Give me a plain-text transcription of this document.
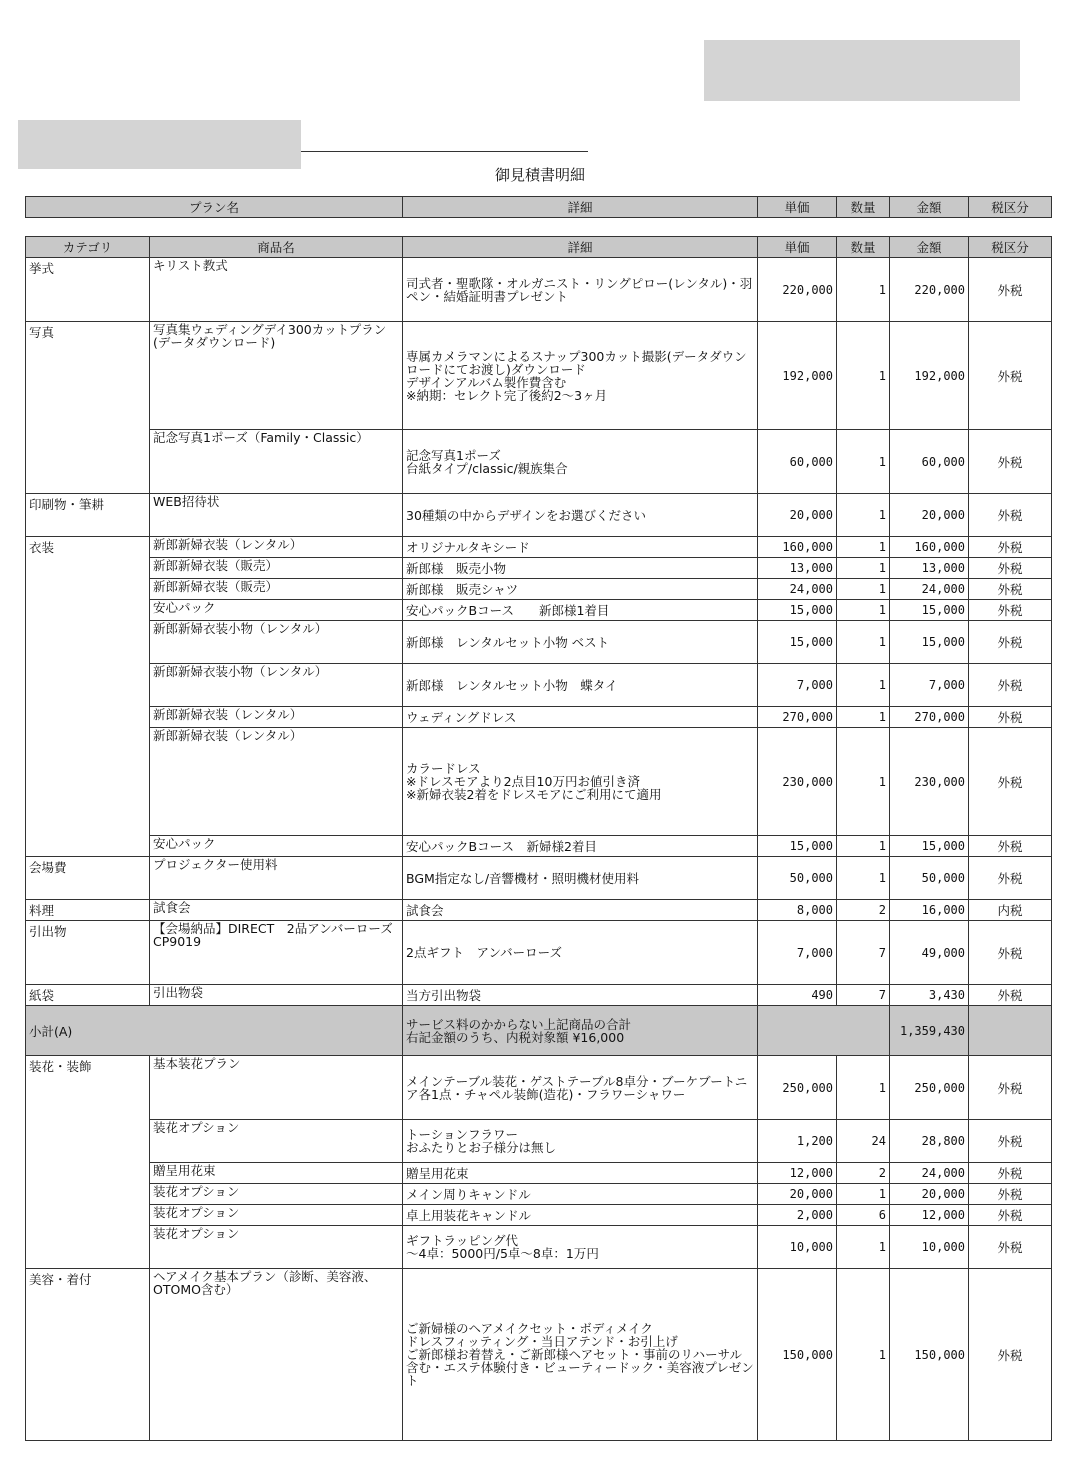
御見積書明細
プラン名	詳細	単価	数量	金額	税区分
カテゴリ	商品名	詳細	単価	数量	金額	税区分
挙式	キリスト教式	司式者・聖歌隊・オルガニスト・リングピロー(レンタル)・羽ペン・結婚証明書プレゼント	220,000	1	220,000	外税
写真	写真集ウェディングデイ300カットプラン(データダウンロード)	専属カメラマンによるスナップ300カット撮影(データダウンロードにてお渡し)ダウンロード
デザインアルバム製作費含む
※納期：セレクト完了後約2〜3ヶ月	192,000	1	192,000	外税
	記念写真1ポーズ（Family・Classic）	記念写真1ポーズ
台紙タイプ/classic/親族集合	60,000	1	60,000	外税
印刷物・筆耕	WEB招待状	30種類の中からデザインをお選びください	20,000	1	20,000	外税
衣装	新郎新婦衣装（レンタル）	オリジナルタキシード	160,000	1	160,000	外税
	新郎新婦衣装（販売）	新郎様　販売小物	13,000	1	13,000	外税
	新郎新婦衣装（販売）	新郎様　販売シャツ	24,000	1	24,000	外税
	安心パック	安心パックBコース　　新郎様1着目	15,000	1	15,000	外税
	新郎新婦衣装小物（レンタル）	新郎様　レンタルセット小物 ベスト	15,000	1	15,000	外税
	新郎新婦衣装小物（レンタル）	新郎様　レンタルセット小物　蝶タイ	7,000	1	7,000	外税
	新郎新婦衣装（レンタル）	ウェディングドレス	270,000	1	270,000	外税
	新郎新婦衣装（レンタル）	カラードレス
※ドレスモアより2点目10万円お値引き済
※新婦衣装2着をドレスモアにご利用にて適用	230,000	1	230,000	外税
	安心パック	安心パックBコース　新婦様2着目	15,000	1	15,000	外税
会場費	プロジェクター使用料	BGM指定なし/音響機材・照明機材使用料	50,000	1	50,000	外税
料理	試食会	試食会	8,000	2	16,000	内税
引出物	【会場納品】DIRECT　2品アンバーローズCP9019	2点ギフト　アンバーローズ	7,000	7	49,000	外税
紙袋	引出物袋	当方引出物袋	490	7	3,430	外税
小計(A)		サービス料のかからない上記商品の合計
右記金額のうち、内税対象額 ¥16,000			1,359,430	
装花・装飾	基本装花プラン	メインテーブル装花・ゲストテーブル8卓分・ブーケブートニア各1点・チャペル装飾(造花)・フラワーシャワー	250,000	1	250,000	外税
	装花オプション	トーションフラワー
おふたりとお子様分は無し	1,200	24	28,800	外税
	贈呈用花束	贈呈用花束	12,000	2	24,000	外税
	装花オプション	メイン周りキャンドル	20,000	1	20,000	外税
	装花オプション	卓上用装花キャンドル	2,000	6	12,000	外税
	装花オプション	ギフトラッピング代
〜4卓：5000円/5卓〜8卓：1万円	10,000	1	10,000	外税
美容・着付	ヘアメイク基本プラン（診断、美容液、OTOMO含む）	ご新婦様のヘアメイクセット・ボディメイク
ドレスフィッティング・当日アテンド・お引上げ
ご新郎様お着替え・ご新郎様ヘアセット・事前のリハーサル含む・エステ体験付き・ビューティードック・美容液プレゼント	150,000	1	150,000	外税
